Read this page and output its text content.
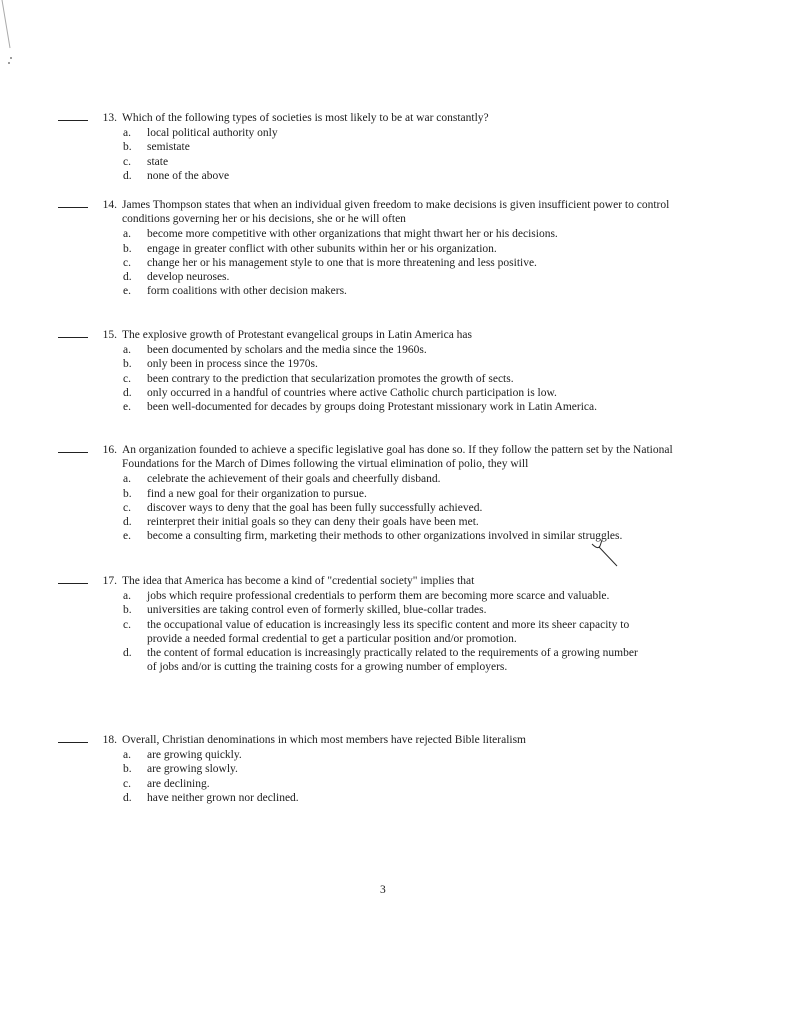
13. Which of the following types of societies is most likely to be at war constantly?
a. local political authority only
b. semistate
c. state
d. none of the above
14. James Thompson states that when an individual given freedom to make decisions is given insufficient power to control conditions governing her or his decisions, she or he will often
a. become more competitive with other organizations that might thwart her or his decisions.
b. engage in greater conflict with other subunits within her or his organization.
c. change her or his management style to one that is more threatening and less positive.
d. develop neuroses.
e. form coalitions with other decision makers.
15. The explosive growth of Protestant evangelical groups in Latin America has
a. been documented by scholars and the media since the 1960s.
b. only been in process since the 1970s.
c. been contrary to the prediction that secularization promotes the growth of sects.
d. only occurred in a handful of countries where active Catholic church participation is low.
e. been well-documented for decades by groups doing Protestant missionary work in Latin America.
16. An organization founded to achieve a specific legislative goal has done so. If they follow the pattern set by the National Foundations for the March of Dimes following the virtual elimination of polio, they will
a. celebrate the achievement of their goals and cheerfully disband.
b. find a new goal for their organization to pursue.
c. discover ways to deny that the goal has been fully successfully achieved.
d. reinterpret their initial goals so they can deny their goals have been met.
e. become a consulting firm, marketing their methods to other organizations involved in similar struggles.
17. The idea that America has become a kind of "credential society" implies that
a. jobs which require professional credentials to perform them are becoming more scarce and valuable.
b. universities are taking control even of formerly skilled, blue-collar trades.
c. the occupational value of education is increasingly less its specific content and more its sheer capacity to provide a needed formal credential to get a particular position and/or promotion.
d. the content of formal education is increasingly practically related to the requirements of a growing number of jobs and/or is cutting the training costs for a growing number of employers.
18. Overall, Christian denominations in which most members have rejected Bible literalism
a. are growing quickly.
b. are growing slowly.
c. are declining.
d. have neither grown nor declined.
3
